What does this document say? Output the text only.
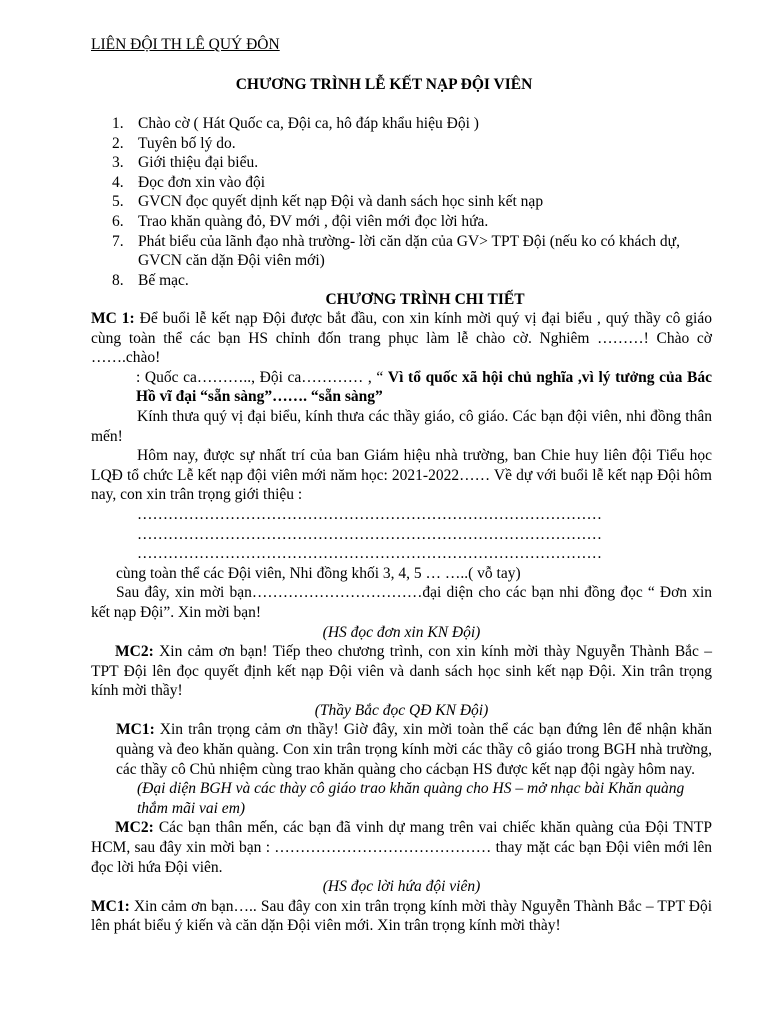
LIÊN ĐỘI TH LÊ QUÝ ĐÔN
CHƯƠNG TRÌNH LỄ KẾT NẠP ĐỘI VIÊN
1. Chào cờ ( Hát Quốc ca, Đội ca, hô đáp khẩu hiệu Đội )
2. Tuyên bố lý do.
3. Giới thiệu đại biểu.
4. Đọc đơn xin vào đội
5. GVCN đọc quyết dịnh kết nạp Đội và danh sách học sinh kết nạp
6. Trao khăn quàng đỏ, ĐV mới , đội viên mới đọc lời hứa.
7. Phát biểu của lãnh đạo nhà trường- lời căn dặn của GV> TPT Đội (nếu ko có khách dự, GVCN căn dặn Đội viên mới)
8. Bế mạc.
CHƯƠNG TRÌNH CHI TIẾT

MC 1: Để buổi lễ kết nạp Đội được bắt đầu, con xin kính mời quý vị đại biểu , quý thầy cô giáo cùng toàn thể các bạn HS chỉnh đốn trang phục làm lễ chào cờ. Nghiêm ………! Chào cờ …….chào!

: Quốc ca……….., Đội ca………… , “ Vì tổ quốc xã hội chủ nghĩa ,vì lý tưởng của Bác Hồ vĩ đại “sẵn sàng”……. “sẵn sàng”

Kính thưa quý vị đại biểu, kính thưa các thầy giáo, cô giáo. Các bạn đội viên, nhi đồng thân mến!

Hôm nay, được sự nhất trí của ban Giám hiệu nhà trường, ban Chie huy liên đội Tiểu học LQĐ tổ chức Lễ kết nạp đội viên mới năm học: 2021-2022…… Về dự với buổi lễ kết nạp Đội hôm nay, con xin trân trọng giới thiệu :

………………………………………………………………………………

………………………………………………………………………………

………………………………………………………………………………

cùng toàn thể các Đội viên, Nhi đồng khối 3, 4, 5 … …..( vỗ tay)

Sau đây, xin mời bạn……………………………đại diện cho các bạn nhi đồng đọc “ Đơn xin kết nạp Đội”. Xin mời bạn!

(HS đọc đơn xin KN Đội)

MC2: Xin cảm ơn bạn! Tiếp theo chương trình, con xin kính mời thày Nguyễn Thành Bắc – TPT Đội lên đọc quyết định kết nạp Đội viên và danh sách học sinh kết nạp Đội. Xin trân trọng kính mời thầy!

(Thầy Bắc đọc QĐ KN Đội)

MC1: Xin trân trọng cảm ơn thầy! Giờ đây, xin mời toàn thể các bạn đứng lên để nhận khăn quàng và đeo khăn quàng. Con xin trân trọng kính mời các thầy cô giáo trong BGH nhà trường, các thầy cô Chủ nhiệm cùng trao khăn quàng cho cácbạn HS được kết nạp đội ngày hôm nay.

(Đại diện BGH và các thày cô giáo trao khăn quàng cho HS – mở nhạc bài Khăn quàng thắm mãi vai em)

MC2: Các bạn thân mến, các bạn đã vinh dự mang trên vai chiếc khăn quàng của Đội TNTP HCM, sau đây xin mời bạn : …………………………………… thay mặt các bạn Đội viên mới lên đọc lời hứa Đội viên.

(HS đọc lời hứa đội viên)

MC1: Xin cảm ơn bạn….. Sau đây con xin trân trọng kính mời thày Nguyễn Thành Bắc – TPT Đội lên phát biểu ý kiến và căn dặn Đội viên mới. Xin trân trọng kính mời thày!
